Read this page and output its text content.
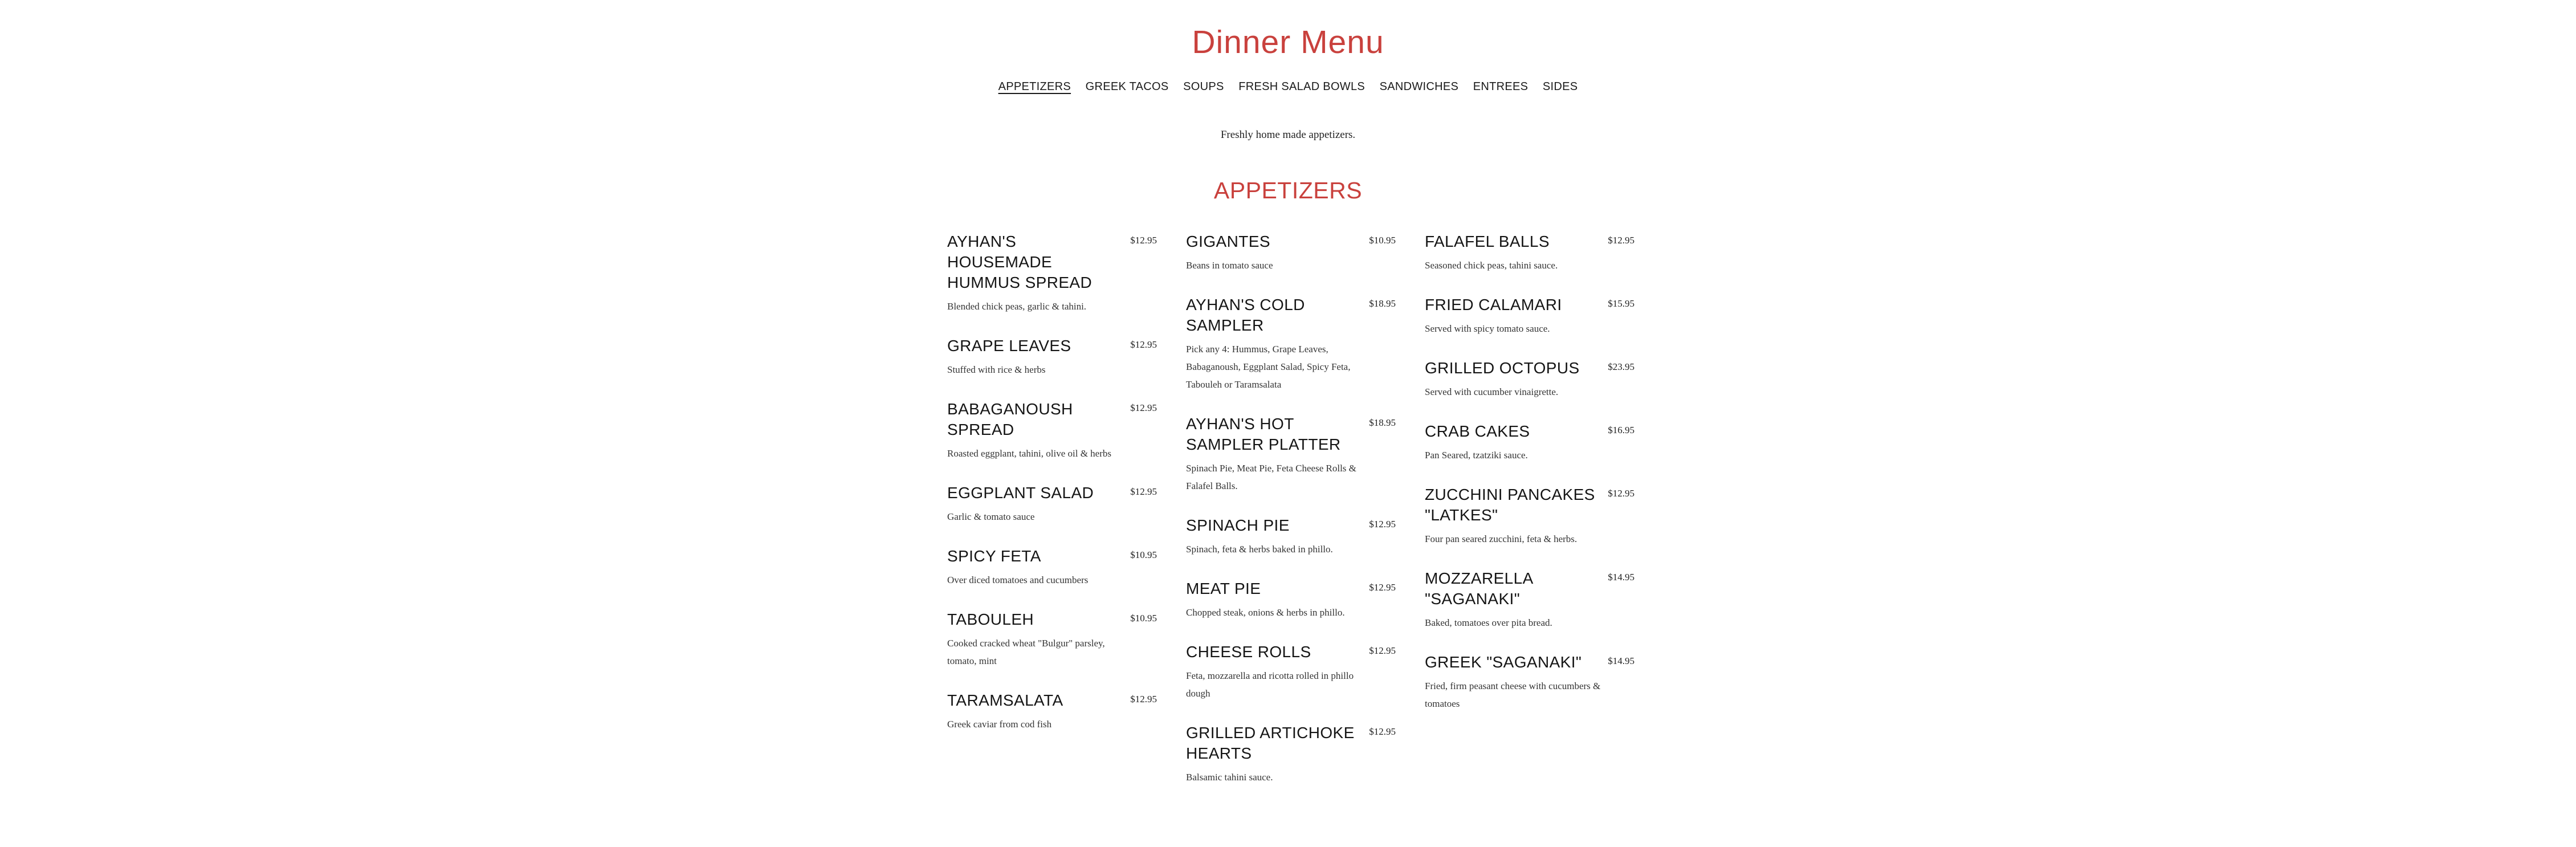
Dinner Menu
APPETIZERS GREEK TACOS SOUPS FRESH SALAD BOWLS SANDWICHES ENTREES SIDES
Freshly home made appetizers.
APPETIZERS
AYHAN'S HOUSEMADE HUMMUS SPREAD
$12.95
Blended chick peas, garlic & tahini.
GRAPE LEAVES	$12.95
Stuffed with rice & herbs
BABAGANOUSH SPREAD
$12.95
Roasted eggplant, tahini, olive oil & herbs
EGGPLANT SALAD	$12.95
Garlic & tomato sauce
SPICY FETA	$10.95
Over diced tomatoes and cucumbers
TABOULEH	$10.95
Cooked cracked wheat "Bulgur" parsley, tomato, mint
TARAMSALATA	$12.95
Greek caviar from cod fish
GIGANTES	$10.95
Beans in tomato sauce
AYHAN'S COLD SAMPLER
$18.95
Pick any 4: Hummus, Grape Leaves, Babaganoush, Eggplant Salad, Spicy Feta, Tabouleh or Taramsalata
AYHAN'S HOT SAMPLER PLATTER
$18.95
Spinach Pie, Meat Pie, Feta Cheese Rolls & Falafel Balls.
SPINACH PIE	$12.95
Spinach, feta & herbs baked in phillo.
MEAT PIE	$12.95
Chopped steak, onions & herbs in phillo.
CHEESE ROLLS	$12.95
Feta, mozzarella and ricotta rolled in phillo dough
GRILLED ARTICHOKE HEARTS
$12.95
Balsamic tahini sauce.
FALAFEL BALLS	$12.95
Seasoned chick peas, tahini sauce.
FRIED CALAMARI	$15.95
Served with spicy tomato sauce.
GRILLED OCTOPUS	$23.95
Served with cucumber vinaigrette.
CRAB CAKES	$16.95
Pan Seared, tzatziki sauce.
ZUCCHINI PANCAKES "LATKES"
$12.95
Four pan seared zucchini, feta & herbs.
MOZZARELLA "SAGANAKI"
$14.95
Baked, tomatoes over pita bread.
GREEK "SAGANAKI"	$14.95
Fried, firm peasant cheese with cucumbers & tomatoes
